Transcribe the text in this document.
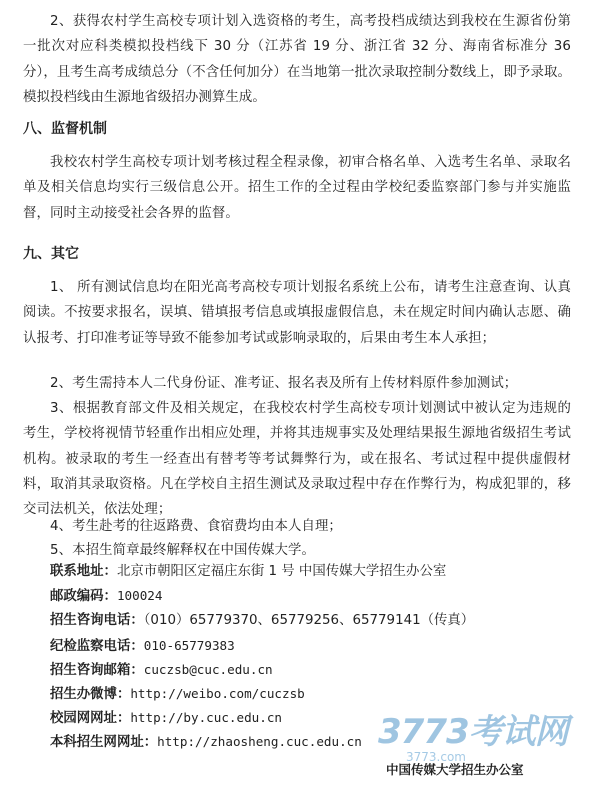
2、获得农村学生高校专项计划入选资格的考生，高考投档成绩达到我校在生源省份第一批次对应科类模拟投档线下 30 分（江苏省 19 分、浙江省 32 分、海南省标准分 36 分），且考生高考成绩总分（不含任何加分）在当地第一批次录取控制分数线上，即予录取。模拟投档线由生源地省级招办测算生成。

八、监督机制

我校农村学生高校专项计划考核过程全程录像，初审合格名单、入选考生名单、录取名单及相关信息均实行三级信息公开。招生工作的全过程由学校纪委监察部门参与并实施监督，同时主动接受社会各界的监督。

九、其它

1、 所有测试信息均在阳光高考高校专项计划报名系统上公布，请考生注意查询、认真阅读。不按要求报名，误填、错填报考信息或填报虚假信息，未在规定时间内确认志愿、确认报考、打印准考证等导致不能参加考试或影响录取的，后果由考生本人承担；

2、考生需持本人二代身份证、准考证、报名表及所有上传材料原件参加测试；

3、根据教育部文件及相关规定，在我校农村学生高校专项计划测试中被认定为违规的考生，学校将视情节轻重作出相应处理，并将其违规事实及处理结果报生源地省级招生考试机构。被录取的考生一经查出有替考等考试舞弊行为，或在报名、考试过程中提供虚假材料，取消其录取资格。凡在学校自主招生测试及录取过程中存在作弊行为，构成犯罪的，移交司法机关，依法处理；

4、考生赴考的往返路费、食宿费均由本人自理；

5、本招生简章最终解释权在中国传媒大学。

联系地址：北京市朝阳区定福庄东街 1 号 中国传媒大学招生办公室
邮政编码：100024
招生咨询电话：（010）65779370、65779256、65779141（传真）
纪检监察电话：010-65779383
招生咨询邮箱：cuczsb@cuc.edu.cn
招生办微博：http://weibo.com/cuczsb
校园网网址：http://by.cuc.edu.cn
本科招生网网址：http://zhaosheng.cuc.edu.cn 3773考试网
3773.com
中国传媒大学招生办公室
